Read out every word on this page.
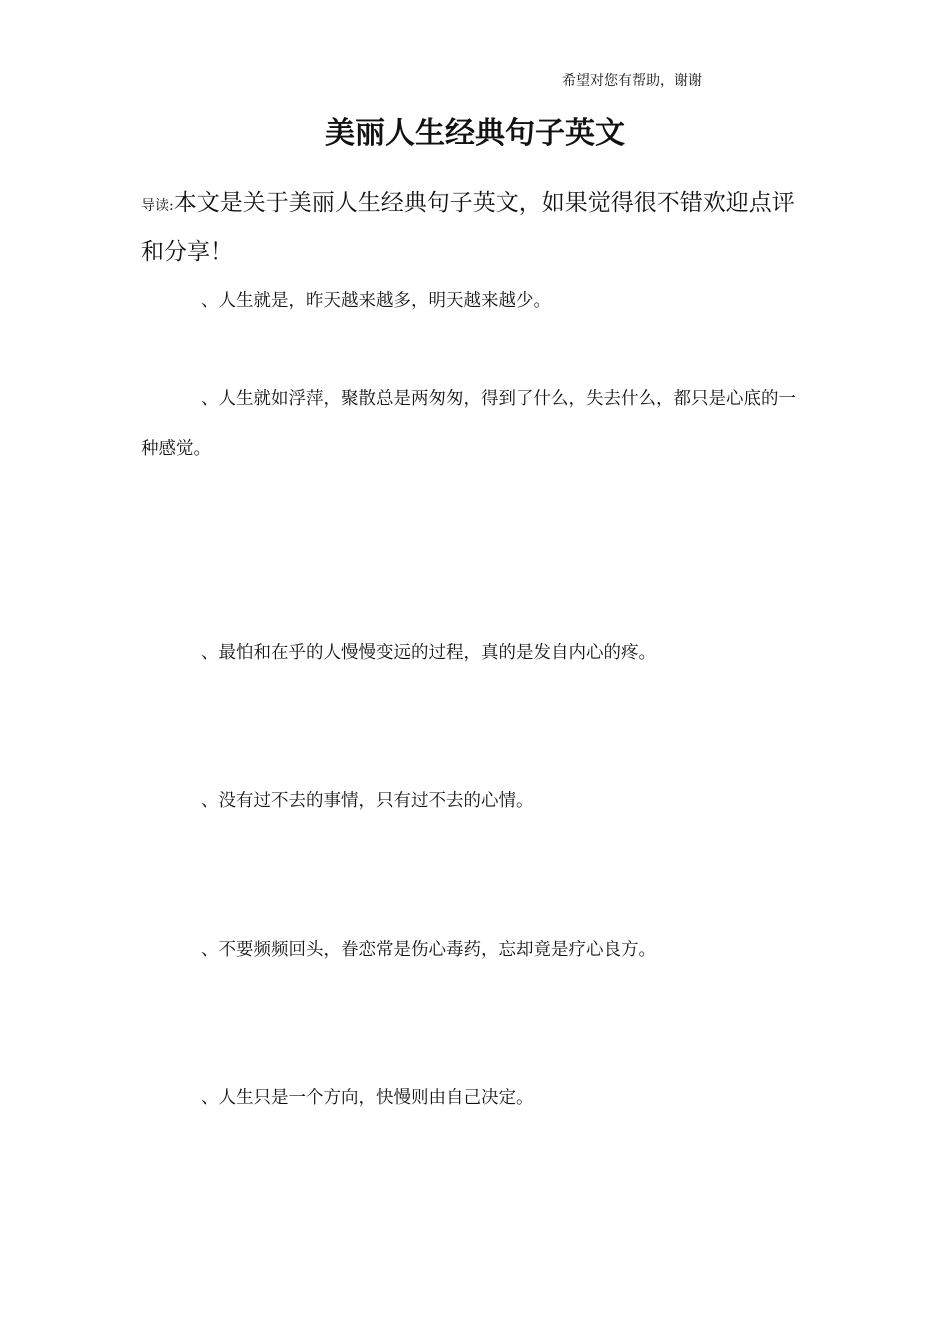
希望对您有帮助，谢谢
美丽人生经典句子英文
导读:本文是关于美丽人生经典句子英文，如果觉得很不错欢迎点评和分享！
、人生就是，昨天越来越多，明天越来越少。
、人生就如浮萍，聚散总是两匆匆，得到了什么，失去什么，都只是心底的一种感觉。
、最怕和在乎的人慢慢变远的过程，真的是发自内心的疼。
、没有过不去的事情，只有过不去的心情。
、不要频频回头，眷恋常是伤心毒药，忘却竟是疗心良方。
、人生只是一个方向，快慢则由自己决定。
